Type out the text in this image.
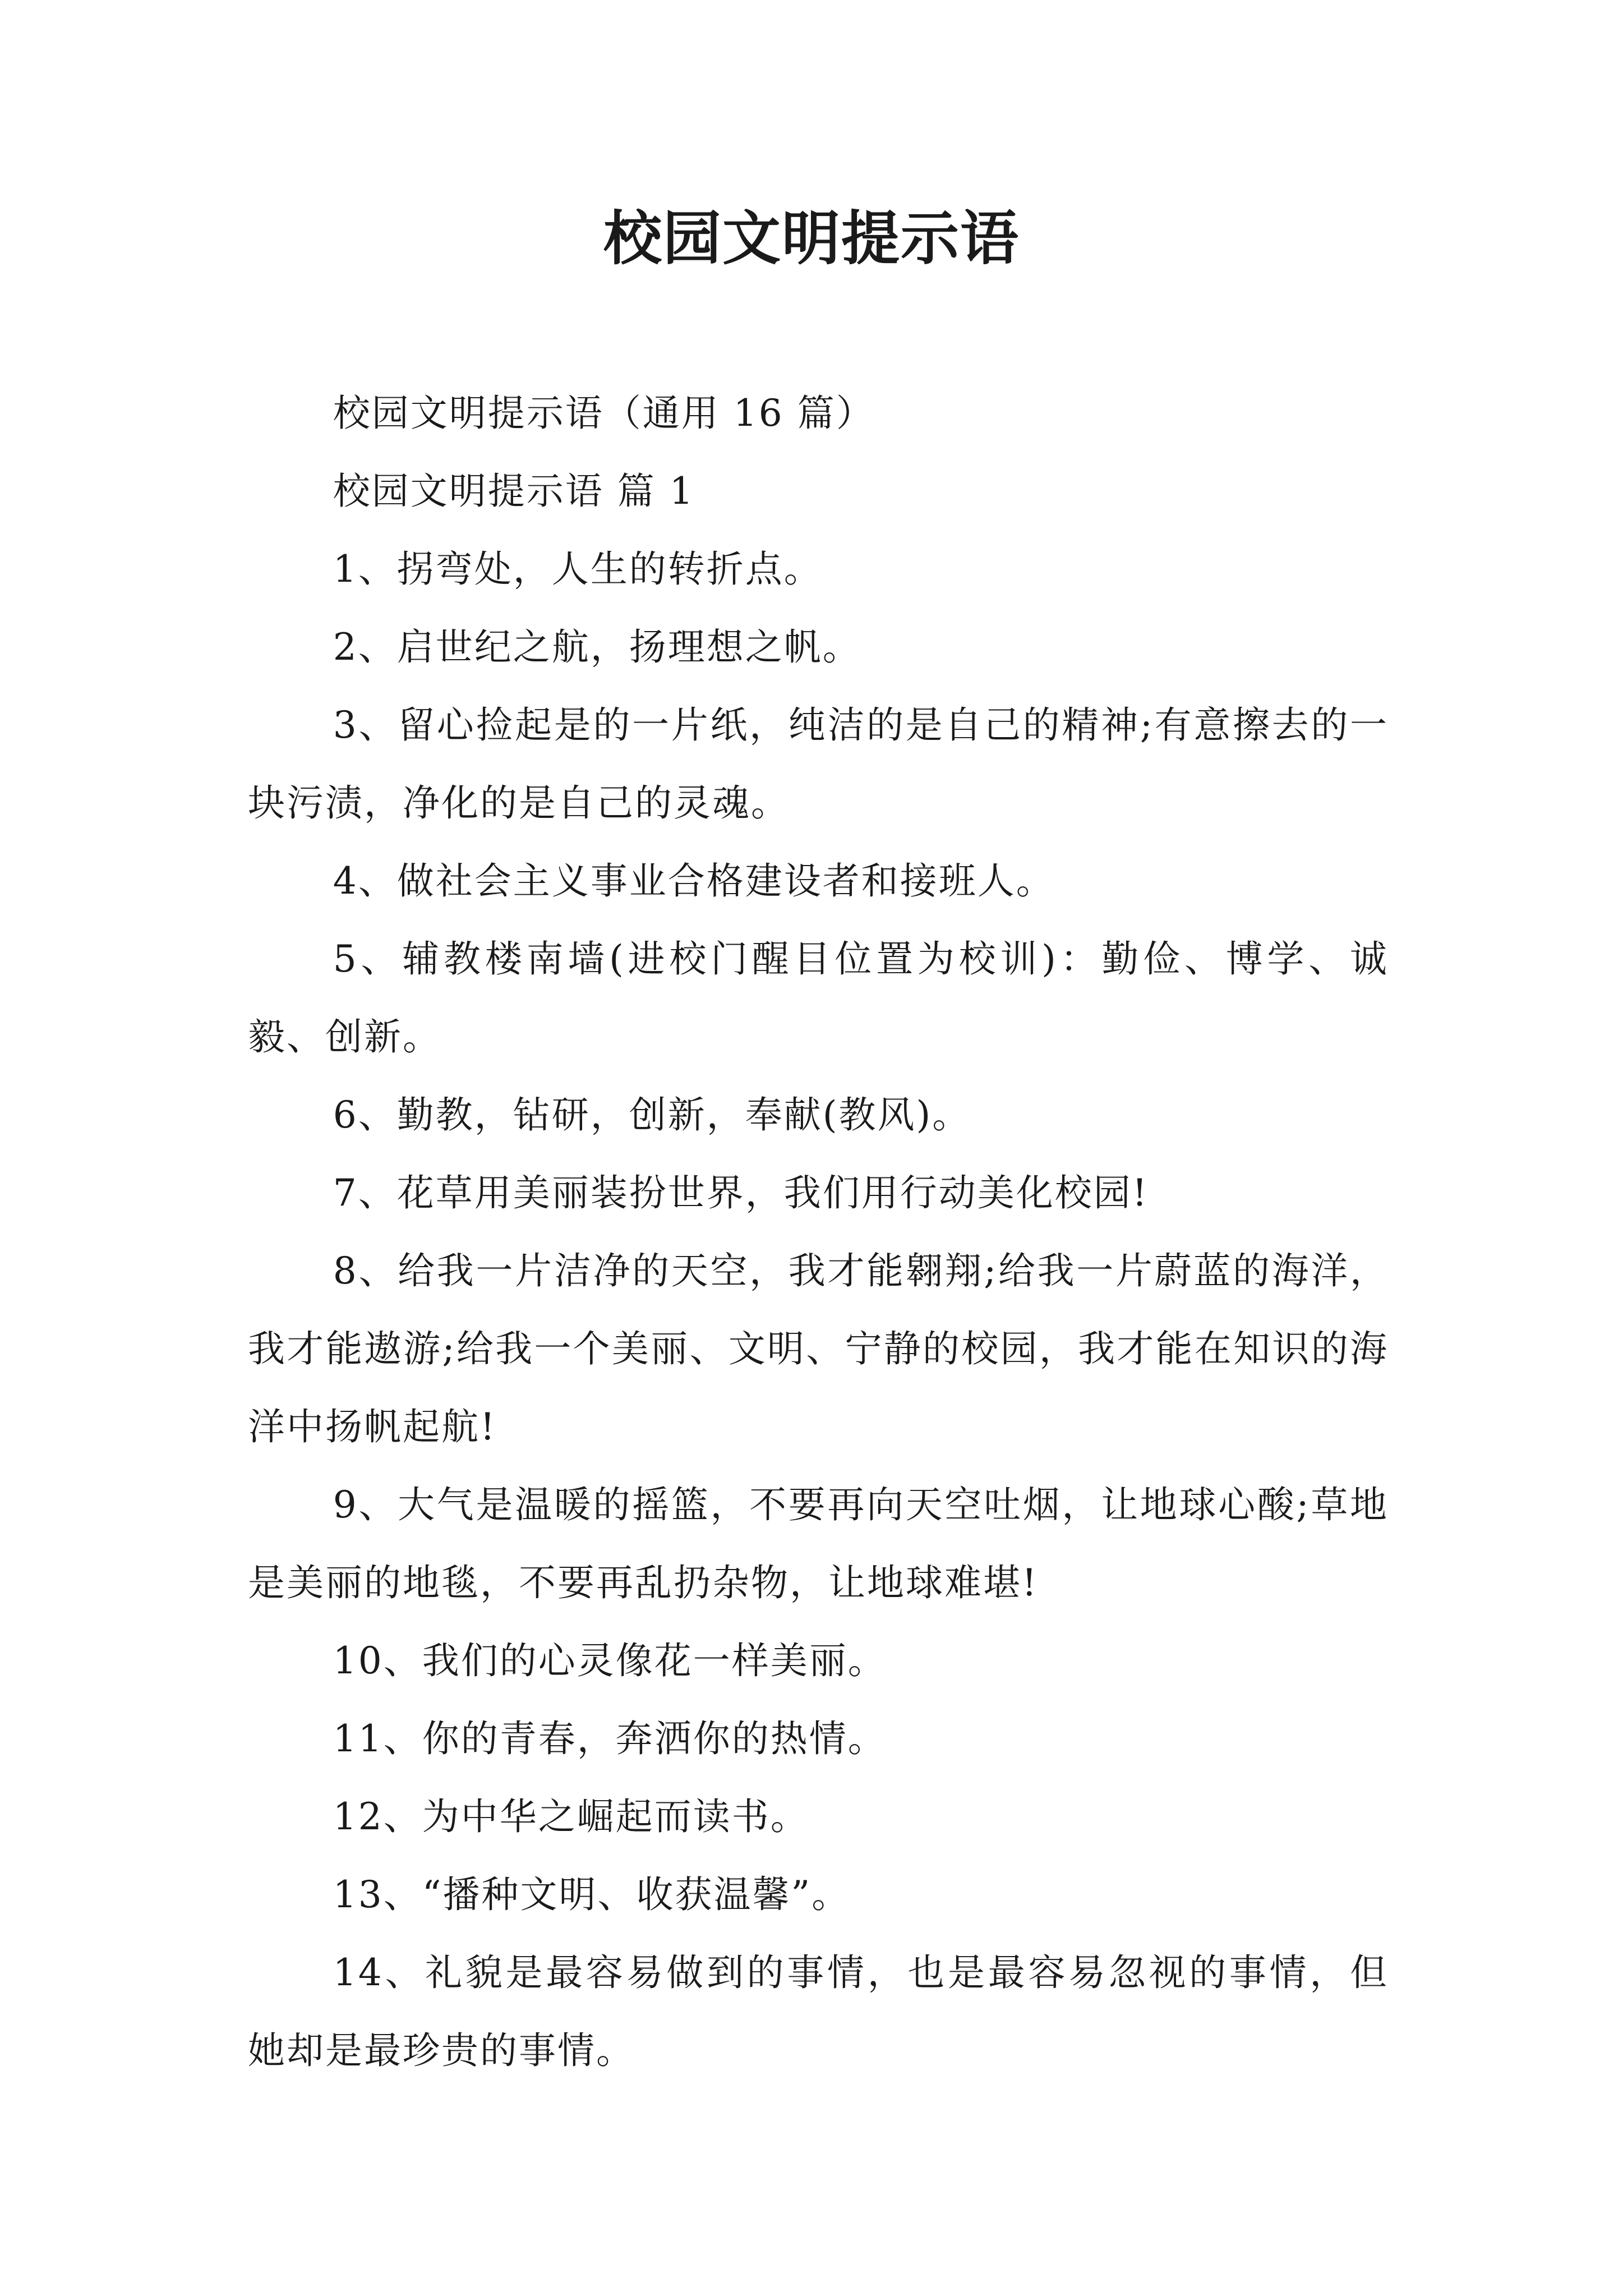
校园文明提示语

校园文明提示语（通用 16 篇）

校园文明提示语 篇 1

1、拐弯处，人生的转折点。

2、启世纪之航，扬理想之帆。

3、留心捡起是的一片纸，纯洁的是自己的精神;有意擦去的一块污渍，净化的是自己的灵魂。

4、做社会主义事业合格建设者和接班人。

5、辅教楼南墙(进校门醒目位置为校训)：勤俭、博学、诚毅、创新。

6、勤教，钻研，创新，奉献(教风)。

7、花草用美丽装扮世界，我们用行动美化校园!

8、给我一片洁净的天空，我才能翱翔;给我一片蔚蓝的海洋，我才能遨游;给我一个美丽、文明、宁静的校园，我才能在知识的海洋中扬帆起航!

9、大气是温暖的摇篮，不要再向天空吐烟，让地球心酸;草地是美丽的地毯，不要再乱扔杂物，让地球难堪!

10、我们的心灵像花一样美丽。

11、你的青春，奔洒你的热情。

12、为中华之崛起而读书。

13、“播种文明、收获温馨”。

14、礼貌是最容易做到的事情，也是最容易忽视的事情，但她却是最珍贵的事情。
